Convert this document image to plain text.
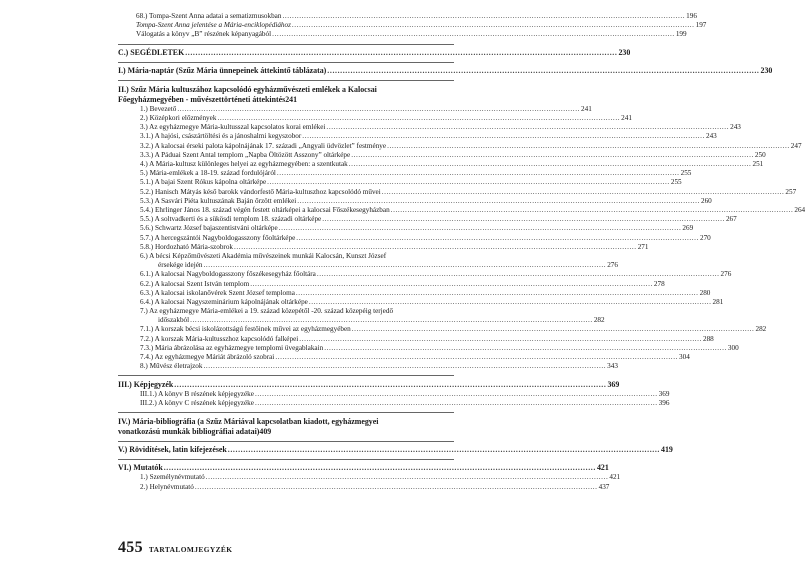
68.) Tompa-Szent Anna adatai a sematizmusokban .....	196
Tompa-Szent Anna jelentése a Mária-enciklopédiához .....	197
Válogatás a könyv „B” részének képanyagából .....	199
C.) SEGÉDLETEK .....	230
I.) Mária-naptár (Szűz Mária ünnepeinek áttekintő táblázata) .....	230
II.) Szűz Mária kultuszához kapcsolódó egyházművészeti emlékek a Kalocsai
Főegyházmegyében - művészettörténeti áttekintés 241
1.) Bevezető .....	241
2.) Középkori előzmények .....	241
3.) Az egyházmegye Mária-kultusszal kapcsolatos korai emlékei .....	243
3.1.) A hajósi, császártöltési és a jánoshalmi kegyszobor .....	243
3.2.) A kalocsai érseki palota kápolnájának 17. századi „Angyali üdvözlet” festménye .....	247
3.3.) A Páduai Szent Antal templom „Napba Öltözött Asszony” oltárképe .....	250
4.) A Mária-kultusz különleges helyei az egyházmegyében: a szentkutak .....	251
5.) Mária-emlékek a 18-19. század fordulójáról .....	255
5.1.) A bajai Szent Rókus kápolna oltárképe .....	255
5.2.) Hanisch Mátyás késő barokk vándorfestő Mária-kultuszhoz kapcsolódó művei .....	257
5.3.) A Sasvári Piéta kultuszának Baján őrzött emlékei .....	260
5.4.) Ehrlinger János 18. század végén festett oltárképei a kalocsai Főszékesegyházban .....	264
5.5.) A soltvadkerti és a sükösdi templom 18. századi oltárképe .....	267
5.6.) Schwartz József bajaszentistváni oltárképe .....	269
5.7.) A hercegszántói Nagyboldogasszony főoltárképe .....	270
5.8.) Hordozható Mária-szobrok .....	271
6.) A bécsi Képzőművészeti Akadémia művészeinek munkái Kalocsán, Kunszt József
érsekége idején .....	276
6.1.) A kalocsai Nagyboldogasszony főszékesegyház főoltára .....	276
6.2.) A kalocsai Szent István templom .....	278
6.3.) A kalocsai iskolanővérek Szent József temploma .....	280
6.4.) A kalocsai Nagyszeminárium kápolnájának oltárképe .....	281
7.) Az egyházmegye Mária-emlékei a 19. század közepétől -20. század közepéig terjedő
időszakból .....	282
7.1.) A korszak bécsi iskolázottságú festőinek művei az egyházmegyében .....	282
7.2.) A korszak Mária-kultusszhoz kapcsolódó falképei .....	288
7.3.) Mária ábrázolása az egyházmegye templomi üvegablakain .....	300
7.4.) Az egyházmegye Máriát ábrázoló szobrai .....	304
8.) Művész életrajzok .....	343
III.) Képjegyzék .....	369
III.1.) A könyv B részének képjegyzéke .....	369
III.2.) A könyv C részének képjegyzéke .....	396
IV.) Mária-bibliográfia (a Szűz Máriával kapcsolatban kiadott, egyházmegyei
vonatkozású munkák bibliográfiai adatai) 409
V.) Rövidítések, latin kifejezések .....	419
VI.) Mutatók .....	421
1.) Személynévmutató .....	421
2.) Helynévmutató .....	437
455 TARTALOMJEGYZÉK
